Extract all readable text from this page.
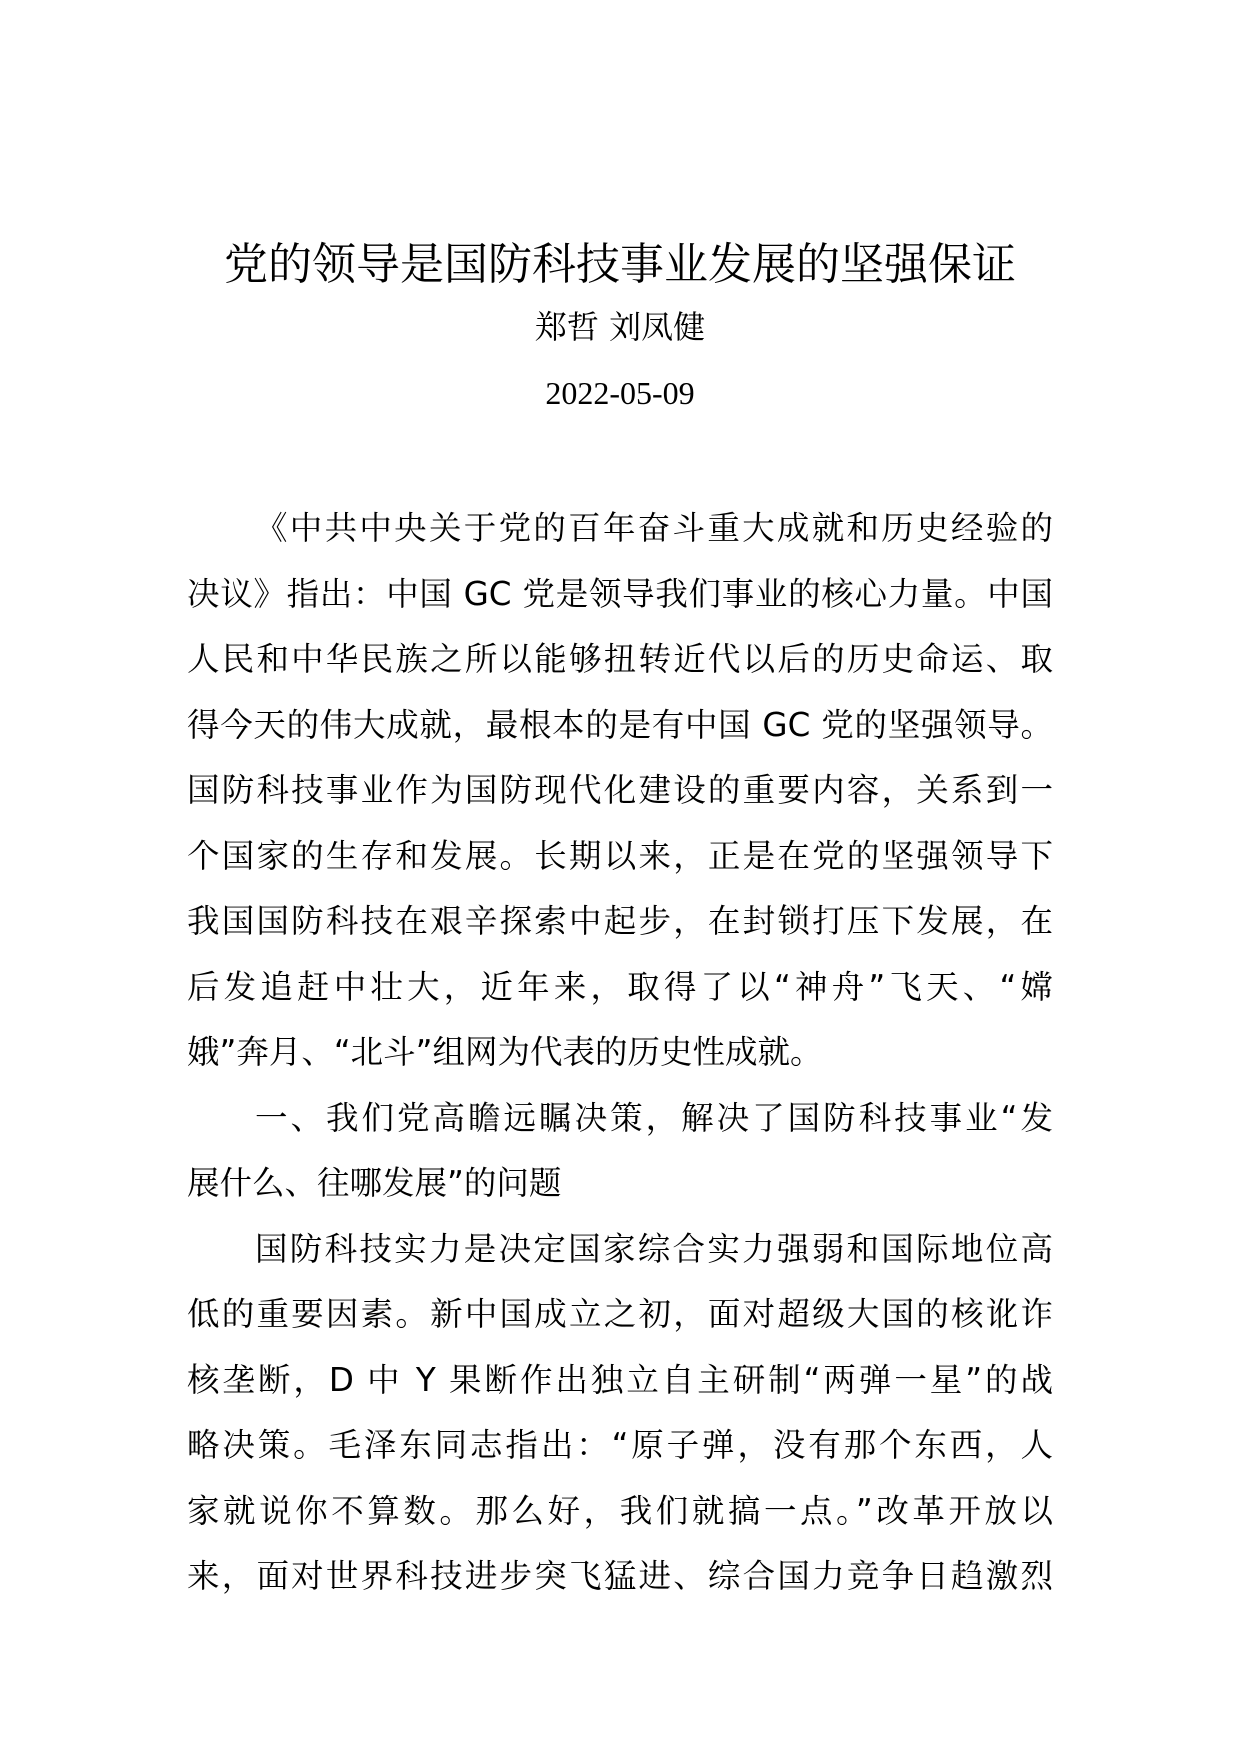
党的领导是国防科技事业发展的坚强保证
郑哲 刘凤健
2022-05-09
《中共中央关于党的百年奋斗重大成就和历史经验的
决议》指出：中国 GC 党是领导我们事业的核心力量。中国
人民和中华民族之所以能够扭转近代以后的历史命运、取
得今天的伟大成就，最根本的是有中国 GC 党的坚强领导。
国防科技事业作为国防现代化建设的重要内容，关系到一
个国家的生存和发展。长期以来，正是在党的坚强领导下
我国国防科技在艰辛探索中起步，在封锁打压下发展，在
后发追赶中壮大，近年来，取得了以“神舟”飞天、“嫦
娥”奔月、“北斗”组网为代表的历史性成就。
一、我们党高瞻远瞩决策，解决了国防科技事业“发
展什么、往哪发展”的问题
国防科技实力是决定国家综合实力强弱和国际地位高
低的重要因素。新中国成立之初，面对超级大国的核讹诈
核垄断，D 中 Y 果断作出独立自主研制“两弹一星”的战
略决策。毛泽东同志指出：“原子弹，没有那个东西，人
家就说你不算数。那么好，我们就搞一点。”改革开放以
来，面对世界科技进步突飞猛进、综合国力竞争日趋激烈
